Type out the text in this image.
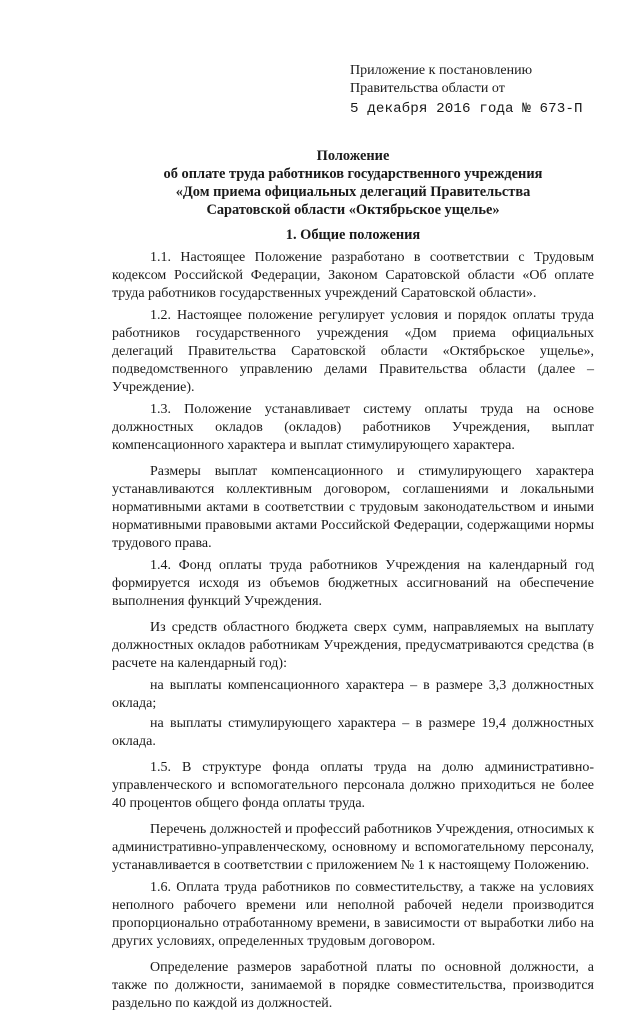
Приложение к постановлению
Правительства области от
5 декабря 2016 года № 673-П
Положение
об оплате труда работников государственного учреждения
«Дом приема официальных делегаций Правительства
Саратовской области «Октябрьское ущелье»
1. Общие положения

1.1. Настоящее Положение разработано в соответствии с Трудовым кодексом Российской Федерации, Законом Саратовской области «Об оплате труда работников государственных учреждений Саратовской области».

1.2. Настоящее положение регулирует условия и порядок оплаты труда работников государственного учреждения «Дом приема официальных делегаций Правительства Саратовской области «Октябрьское ущелье», подведомственного управлению делами Правительства области (далее – Учреждение).

1.3. Положение устанавливает систему оплаты труда на основе должностных окладов (окладов) работников Учреждения, выплат компенсационного характера и выплат стимулирующего характера.

Размеры выплат компенсационного и стимулирующего характера устанавливаются коллективным договором, соглашениями и локальными нормативными актами в соответствии с трудовым законодательством и иными нормативными правовыми актами Российской Федерации, содержащими нормы трудового права.

1.4. Фонд оплаты труда работников Учреждения на календарный год формируется исходя из объемов бюджетных ассигнований на обеспечение выполнения функций Учреждения.

Из средств областного бюджета сверх сумм, направляемых на выплату должностных окладов работникам Учреждения, предусматриваются средства (в расчете на календарный год):

на выплаты компенсационного характера – в размере 3,3 должностных оклада;

на выплаты стимулирующего характера – в размере 19,4 должностных оклада.

1.5. В структуре фонда оплаты труда на долю административно-управленческого и вспомогательного персонала должно приходиться не более 40 процентов общего фонда оплаты труда.

Перечень должностей и профессий работников Учреждения, относимых к административно-управленческому, основному и вспомогательному персоналу, устанавливается в соответствии с приложением № 1 к настоящему Положению.

1.6. Оплата труда работников по совместительству, а также на условиях неполного рабочего времени или неполной рабочей недели производится пропорционально отработанному времени, в зависимости от выработки либо на других условиях, определенных трудовым договором.

Определение размеров заработной платы по основной должности, а также по должности, занимаемой в порядке совместительства, производится раздельно по каждой из должностей.
